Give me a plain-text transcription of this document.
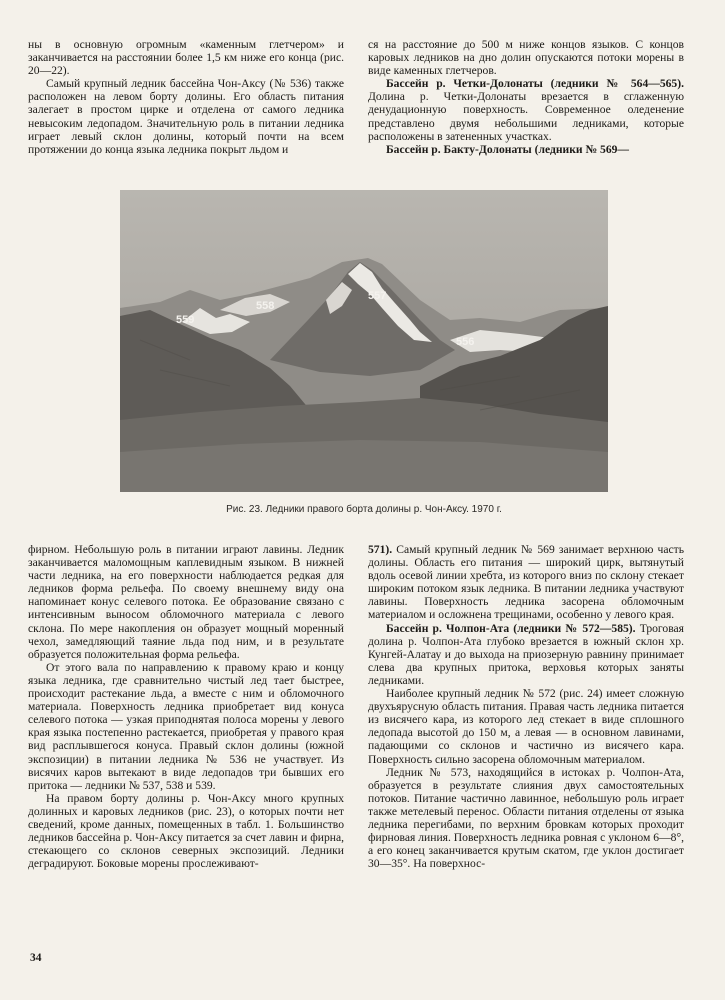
ны в основную огромным «каменным глетчером» и заканчивается на расстоянии более 1,5 км ниже его конца (рис. 20—22).

Самый крупный ледник бассейна Чон-Аксу (№ 536) также расположен на левом борту долины. Его область питания залегает в простом цирке и отделена от самого ледника невысоким ледопадом. Значительную роль в питании ледника играет левый склон долины, который почти на всем протяжении до конца языка ледника покрыт льдом и

ся на расстояние до 500 м ниже концов языков. С концов каровых ледников на дно долин опускаются потоки морены в виде каменных глетчеров.

Бассейн р. Четки-Долонаты (ледники № 564—565). Долина р. Четки-Долонаты врезается в сглаженную денудационную поверхность. Современное оледенение представлено двумя небольшими ледниками, которые расположены в затененных участках.

Бассейн р. Бакту-Долонаты (ледники № 569—

559
558
557
556
Рис. 23. Ледники правого борта долины р. Чон-Аксу. 1970 г.

фирном. Небольшую роль в питании играют лавины. Ледник заканчивается маломощным каплевидным языком. В нижней части ледника, на его поверхности наблюдается редкая для ледников форма рельефа. По своему внешнему виду она напоминает конус селевого потока. Ее образование связано с интенсивным выносом обломочного материала с левого склона. По мере накопления он образует мощный моренный чехол, замедляющий таяние льда под ним, и в результате образуется положительная форма рельефа.

От этого вала по направлению к правому краю и концу языка ледника, где сравнительно чистый лед тает быстрее, происходит растекание льда, а вместе с ним и обломочного материала. Поверхность ледника приобретает вид конуса селевого потока — узкая приподнятая полоса морены у левого края языка постепенно растекается, приобретая у правого края вид расплывшегося конуса. Правый склон долины (южной экспозиции) в питании ледника № 536 не участвует. Из висячих каров вытекают в виде ледопадов три бывших его притока — ледники № 537, 538 и 539.

На правом борту долины р. Чон-Аксу много крупных долинных и каровых ледников (рис. 23), о которых почти нет сведений, кроме данных, помещенных в табл. 1. Большинство ледников бассейна р. Чон-Аксу питается за счет лавин и фирна, стекающего со склонов северных экспозиций. Ледники деградируют. Боковые морены прослеживают-

571). Самый крупный ледник № 569 занимает верхнюю часть долины. Область его питания — широкий цирк, вытянутый вдоль осевой линии хребта, из которого вниз по склону стекает широким потоком язык ледника. В питании ледника участвуют лавины. Поверхность ледника засорена обломочным материалом и осложнена трещинами, особенно у левого края.

Бассейн р. Чолпон-Ата (ледники № 572—585). Троговая долина р. Чолпон-Ата глубоко врезается в южный склон хр. Кунгей-Алатау и до выхода на приозерную равнину принимает слева два крупных притока, верховья которых заняты ледниками.

Наиболее крупный ледник № 572 (рис. 24) имеет сложную двухъярусную область питания. Правая часть ледника питается из висячего кара, из которого лед стекает в виде сплошного ледопада высотой до 150 м, а левая — в основном лавинами, падающими со склонов и частично из висячего кара. Поверхность сильно засорена обломочным материалом.

Ледник № 573, находящийся в истоках р. Чолпон-Ата, образуется в результате слияния двух самостоятельных потоков. Питание частично лавинное, небольшую роль играет также метелевый перенос. Области питания отделены от языка ледника перегибами, по верхним бровкам которых проходит фирновая линия. Поверхность ледника ровная с уклоном 6—8°, а его конец заканчивается крутым скатом, где уклон достигает 30—35°. На поверхнос-

34
